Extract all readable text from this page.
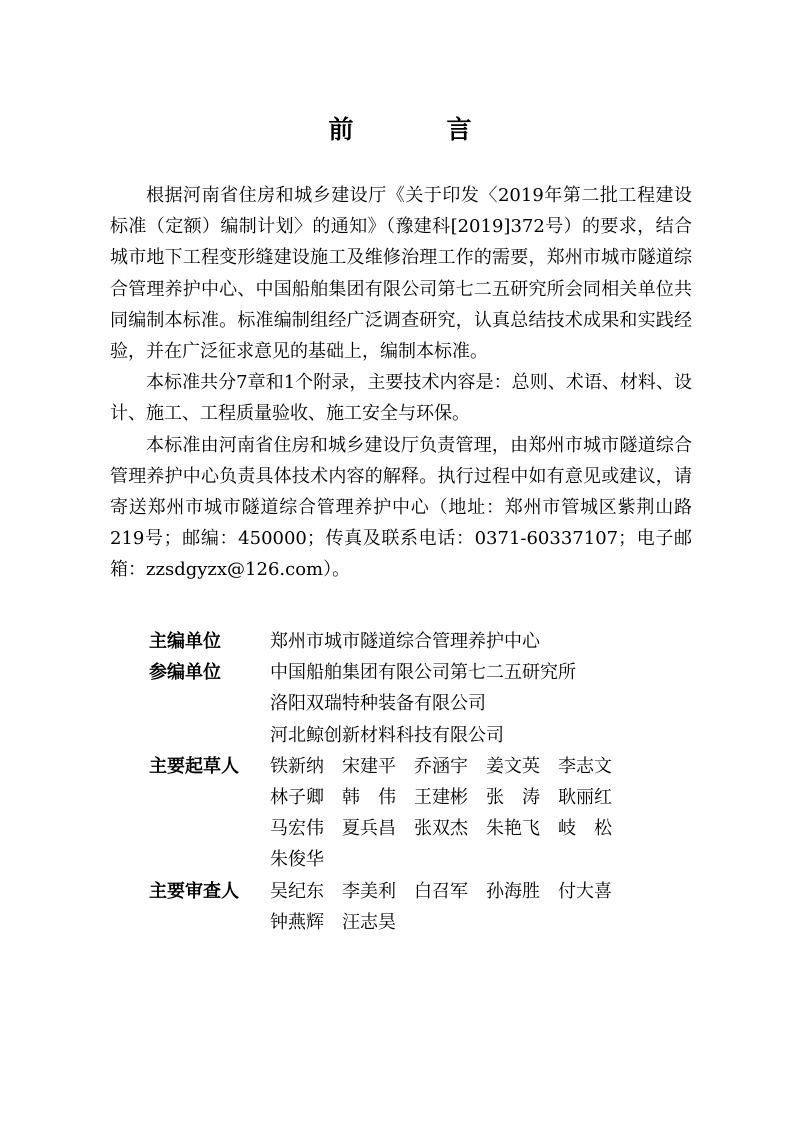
前　言

根据河南省住房和城乡建设厅《关于印发〈2019年第二批工程建设标准（定额）编制计划〉的通知》（豫建科[2019]372号）的要求，结合城市地下工程变形缝建设施工及维修治理工作的需要，郑州市城市隧道综合管理养护中心、中国船舶集团有限公司第七二五研究所会同相关单位共同编制本标准。标准编制组经广泛调查研究，认真总结技术成果和实践经验，并在广泛征求意见的基础上，编制本标准。

本标准共分7章和1个附录，主要技术内容是：总则、术语、材料、设计、施工、工程质量验收、施工安全与环保。

本标准由河南省住房和城乡建设厅负责管理，由郑州市城市隧道综合管理养护中心负责具体技术内容的解释。执行过程中如有意见或建议，请寄送郑州市城市隧道综合管理养护中心（地址：郑州市管城区紫荆山路219号；邮编：450000；传真及联系电话：0371-60337107；电子邮箱：zzsdgyzx@126.com）。

主编单位	郑州市城市隧道综合管理养护中心
参编单位	中国船舶集团有限公司第七二五研究所
洛阳双瑞特种装备有限公司
河北鲸创新材料科技有限公司
主要起草人	铁新纳 宋建平 乔涵宇 姜文英 李志文
林子卿 韩　伟 王建彬 张　涛 耿丽红
马宏伟 夏兵昌 张双杰 朱艳飞 岐　松
朱俊华
主要审查人	吴纪东 李美利 白召军 孙海胜 付大喜
钟燕辉 汪志昊
